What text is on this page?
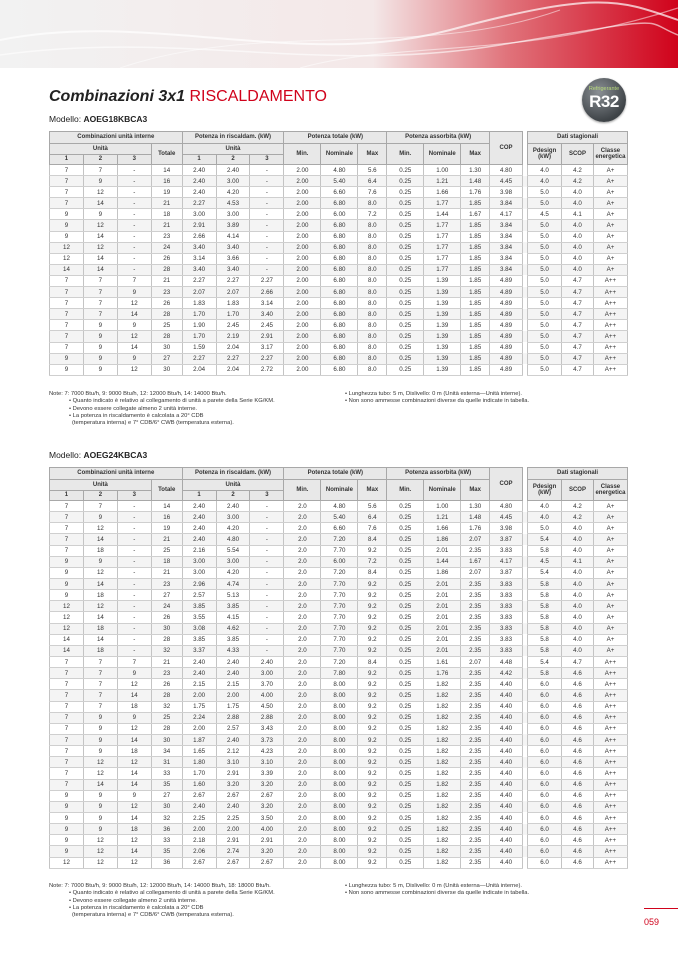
Combinazioni 3x1 RISCALDAMENTO	Refrigerante
R32
Modello: AOEG18KBCA3
Combinazioni unità interne				Potenza in riscaldam. (kW)			Potenza totale (kW)			Potenza assorbita (kW)			COP		Dati stagionali		
Unità			Totale	Unità			Min.	Nominale	Max	Min.	Nominale	Max			Pdesign (kW)	SCOP	Classe energetica
1	2	3		1	2	3											
7	7	-	14	2.40	2.40	-	2.00	4.80	5.6	0.25	1.00	1.30	4.80		4.0	4.2	A+
7	9	-	16	2.40	3.00	-	2.00	5.40	6.4	0.25	1.21	1.48	4.45		4.0	4.2	A+
7	12	-	19	2.40	4.20	-	2.00	6.60	7.6	0.25	1.66	1.76	3.98		5.0	4.0	A+
7	14	-	21	2.27	4.53	-	2.00	6.80	8.0	0.25	1.77	1.85	3.84		5.0	4.0	A+
9	9	-	18	3.00	3.00	-	2.00	6.00	7.2	0.25	1.44	1.67	4.17		4.5	4.1	A+
9	12	-	21	2.91	3.89	-	2.00	6.80	8.0	0.25	1.77	1.85	3.84		5.0	4.0	A+
9	14	-	23	2.66	4.14	-	2.00	6.80	8.0	0.25	1.77	1.85	3.84		5.0	4.0	A+
12	12	-	24	3.40	3.40	-	2.00	6.80	8.0	0.25	1.77	1.85	3.84		5.0	4.0	A+
12	14	-	26	3.14	3.66	-	2.00	6.80	8.0	0.25	1.77	1.85	3.84		5.0	4.0	A+
14	14	-	28	3.40	3.40	-	2.00	6.80	8.0	0.25	1.77	1.85	3.84		5.0	4.0	A+
7	7	7	21	2.27	2.27	2.27	2.00	6.80	8.0	0.25	1.39	1.85	4.89		5.0	4.7	A++
7	7	9	23	2.07	2.07	2.66	2.00	6.80	8.0	0.25	1.39	1.85	4.89		5.0	4.7	A++
7	7	12	26	1.83	1.83	3.14	2.00	6.80	8.0	0.25	1.39	1.85	4.89		5.0	4.7	A++
7	7	14	28	1.70	1.70	3.40	2.00	6.80	8.0	0.25	1.39	1.85	4.89		5.0	4.7	A++
7	9	9	25	1.90	2.45	2.45	2.00	6.80	8.0	0.25	1.39	1.85	4.89		5.0	4.7	A++
7	9	12	28	1.70	2.19	2.91	2.00	6.80	8.0	0.25	1.39	1.85	4.89		5.0	4.7	A++
7	9	14	30	1.59	2.04	3.17	2.00	6.80	8.0	0.25	1.39	1.85	4.89		5.0	4.7	A++
9	9	9	27	2.27	2.27	2.27	2.00	6.80	8.0	0.25	1.39	1.85	4.89		5.0	4.7	A++
9	9	12	30	2.04	2.04	2.72	2.00	6.80	8.0	0.25	1.39	1.85	4.89		5.0	4.7	A++
Note: 7: 7000 Btu/h, 9: 9000 Btu/h, 12: 12000 Btu/h, 14: 14000 Btu/h.
• Quanto indicato è relativo al collegamento di unità a parete della Serie KG/KM.
• Devono essere collegate almeno 2 unità interne.
• La potenza in riscaldamento è calcolata a 20° CDB
(temperatura interna) e 7° CDB/6° CWB (temperatura esterna).
• Lunghezza tubo: 5 m, Dislivello: 0 m (Unità esterna—Unità interne).
• Non sono ammesse combinazioni diverse da quelle indicate in tabella.
Modello: AOEG24KBCA3
Combinazioni unità interne				Potenza in riscaldam. (kW)			Potenza totale (kW)			Potenza assorbita (kW)			COP		Dati stagionali		
Unità			Totale	Unità			Min.	Nominale	Max	Min.	Nominale	Max			Pdesign (kW)	SCOP	Classe energetica
1	2	3		1	2	3											
7	7	-	14	2.40	2.40	-	2.0	4.80	5.6	0.25	1.00	1.30	4.80		4.0	4.2	A+
7	9	-	16	2.40	3.00	-	2.0	5.40	6.4	0.25	1.21	1.48	4.45		4.0	4.2	A+
7	12	-	19	2.40	4.20	-	2.0	6.60	7.6	0.25	1.66	1.76	3.98		5.0	4.0	A+
7	14	-	21	2.40	4.80	-	2.0	7.20	8.4	0.25	1.86	2.07	3.87		5.4	4.0	A+
7	18	-	25	2.16	5.54	-	2.0	7.70	9.2	0.25	2.01	2.35	3.83		5.8	4.0	A+
9	9	-	18	3.00	3.00	-	2.0	6.00	7.2	0.25	1.44	1.67	4.17		4.5	4.1	A+
9	12	-	21	3.00	4.20	-	2.0	7.20	8.4	0.25	1.86	2.07	3.87		5.4	4.0	A+
9	14	-	23	2.96	4.74	-	2.0	7.70	9.2	0.25	2.01	2.35	3.83		5.8	4.0	A+
9	18	-	27	2.57	5.13	-	2.0	7.70	9.2	0.25	2.01	2.35	3.83		5.8	4.0	A+
12	12	-	24	3.85	3.85	-	2.0	7.70	9.2	0.25	2.01	2.35	3.83		5.8	4.0	A+
12	14	-	26	3.55	4.15	-	2.0	7.70	9.2	0.25	2.01	2.35	3.83		5.8	4.0	A+
12	18	-	30	3.08	4.62	-	2.0	7.70	9.2	0.25	2.01	2.35	3.83		5.8	4.0	A+
14	14	-	28	3.85	3.85	-	2.0	7.70	9.2	0.25	2.01	2.35	3.83		5.8	4.0	A+
14	18	-	32	3.37	4.33	-	2.0	7.70	9.2	0.25	2.01	2.35	3.83		5.8	4.0	A+
7	7	7	21	2.40	2.40	2.40	2.0	7.20	8.4	0.25	1.61	2.07	4.48		5.4	4.7	A++
7	7	9	23	2.40	2.40	3.00	2.0	7.80	9.2	0.25	1.76	2.35	4.42		5.8	4.6	A++
7	7	12	26	2.15	2.15	3.70	2.0	8.00	9.2	0.25	1.82	2.35	4.40		6.0	4.6	A++
7	7	14	28	2.00	2.00	4.00	2.0	8.00	9.2	0.25	1.82	2.35	4.40		6.0	4.6	A++
7	7	18	32	1.75	1.75	4.50	2.0	8.00	9.2	0.25	1.82	2.35	4.40		6.0	4.6	A++
7	9	9	25	2.24	2.88	2.88	2.0	8.00	9.2	0.25	1.82	2.35	4.40		6.0	4.6	A++
7	9	12	28	2.00	2.57	3.43	2.0	8.00	9.2	0.25	1.82	2.35	4.40		6.0	4.6	A++
7	9	14	30	1.87	2.40	3.73	2.0	8.00	9.2	0.25	1.82	2.35	4.40		6.0	4.6	A++
7	9	18	34	1.65	2.12	4.23	2.0	8.00	9.2	0.25	1.82	2.35	4.40		6.0	4.6	A++
7	12	12	31	1.80	3.10	3.10	2.0	8.00	9.2	0.25	1.82	2.35	4.40		6.0	4.6	A++
7	12	14	33	1.70	2.91	3.39	2.0	8.00	9.2	0.25	1.82	2.35	4.40		6.0	4.6	A++
7	14	14	35	1.60	3.20	3.20	2.0	8.00	9.2	0.25	1.82	2.35	4.40		6.0	4.6	A++
9	9	9	27	2.67	2.67	2.67	2.0	8.00	9.2	0.25	1.82	2.35	4.40		6.0	4.6	A++
9	9	12	30	2.40	2.40	3.20	2.0	8.00	9.2	0.25	1.82	2.35	4.40		6.0	4.6	A++
9	9	14	32	2.25	2.25	3.50	2.0	8.00	9.2	0.25	1.82	2.35	4.40		6.0	4.6	A++
9	9	18	36	2.00	2.00	4.00	2.0	8.00	9.2	0.25	1.82	2.35	4.40		6.0	4.6	A++
9	12	12	33	2.18	2.91	2.91	2.0	8.00	9.2	0.25	1.82	2.35	4.40		6.0	4.6	A++
9	12	14	35	2.06	2.74	3.20	2.0	8.00	9.2	0.25	1.82	2.35	4.40		6.0	4.6	A++
12	12	12	36	2.67	2.67	2.67	2.0	8.00	9.2	0.25	1.82	2.35	4.40		6.0	4.6	A++
Note: 7: 7000 Btu/h, 9: 9000 Btu/h, 12: 12000 Btu/h, 14: 14000 Btu/h, 18: 18000 Btu/h.
• Quanto indicato è relativo al collegamento di unità a parete della Serie KG/KM.
• Devono essere collegate almeno 2 unità interne.
• La potenza in riscaldamento è calcolata a 20° CDB
(temperatura interna) e 7° CDB/6° CWB (temperatura esterna).
• Lunghezza tubo: 5 m, Dislivello: 0 m (Unità esterna—Unità interne).
• Non sono ammesse combinazioni diverse da quelle indicate in tabella.
059
